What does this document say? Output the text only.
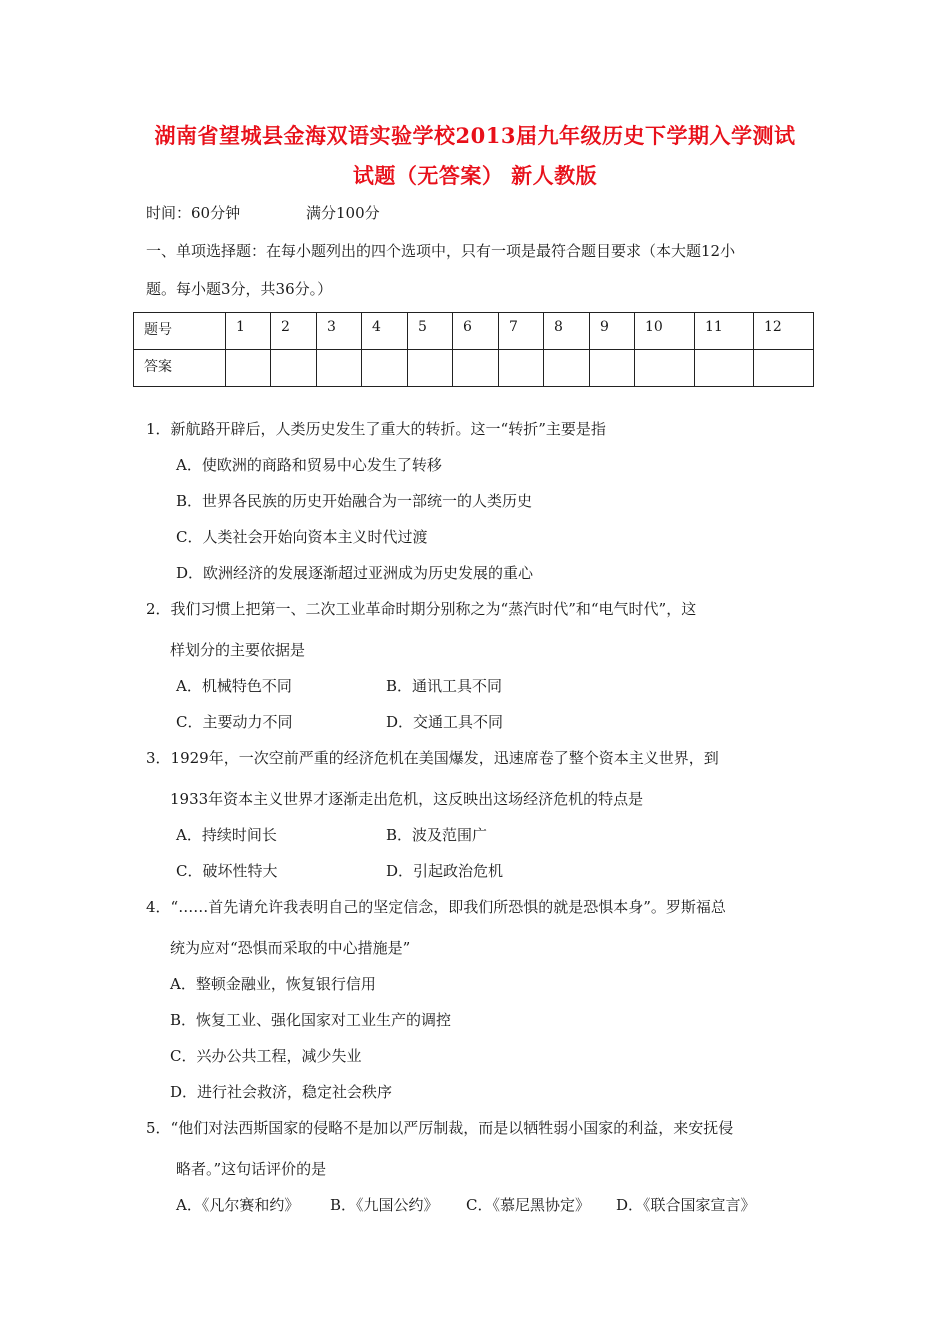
湖南省望城县金海双语实验学校2013届九年级历史下学期入学测试
试题（无答案） 新人教版
时间：60分钟	满分100分
一、单项选择题：在每小题列出的四个选项中，只有一项是最符合题目要求（本大题12小
题。每小题3分，共36分。）
题号	1	2	3	4	5	6	7	8	9	10	11	12
答案												
1．新航路开辟后，人类历史发生了重大的转折。这一“转折”主要是指
A．使欧洲的商路和贸易中心发生了转移
B．世界各民族的历史开始融合为一部统一的人类历史
C．人类社会开始向资本主义时代过渡
D．欧洲经济的发展逐渐超过亚洲成为历史发展的重心
2．我们习惯上把第一、二次工业革命时期分别称之为“蒸汽时代”和“电气时代”，这
样划分的主要依据是
A．机械特色不同	B．通讯工具不同
C．主要动力不同	D．交通工具不同
3．1929年，一次空前严重的经济危机在美国爆发，迅速席卷了整个资本主义世界，到
1933年资本主义世界才逐渐走出危机，这反映出这场经济危机的特点是
A．持续时间长	B．波及范围广
C．破坏性特大	D．引起政治危机
4．“……首先请允许我表明自己的坚定信念，即我们所恐惧的就是恐惧本身”。罗斯福总
统为应对“恐惧而采取的中心措施是”
A．整顿金融业，恢复银行信用
B．恢复工业、强化国家对工业生产的调控
C．兴办公共工程，减少失业
D．进行社会救济，稳定社会秩序
5．“他们对法西斯国家的侵略不是加以严厉制裁，而是以牺牲弱小国家的利益，来安抚侵
略者。”这句话评价的是
A．《凡尔赛和约》 B．《九国公约》 C．《慕尼黑协定》 D．《联合国家宣言》
